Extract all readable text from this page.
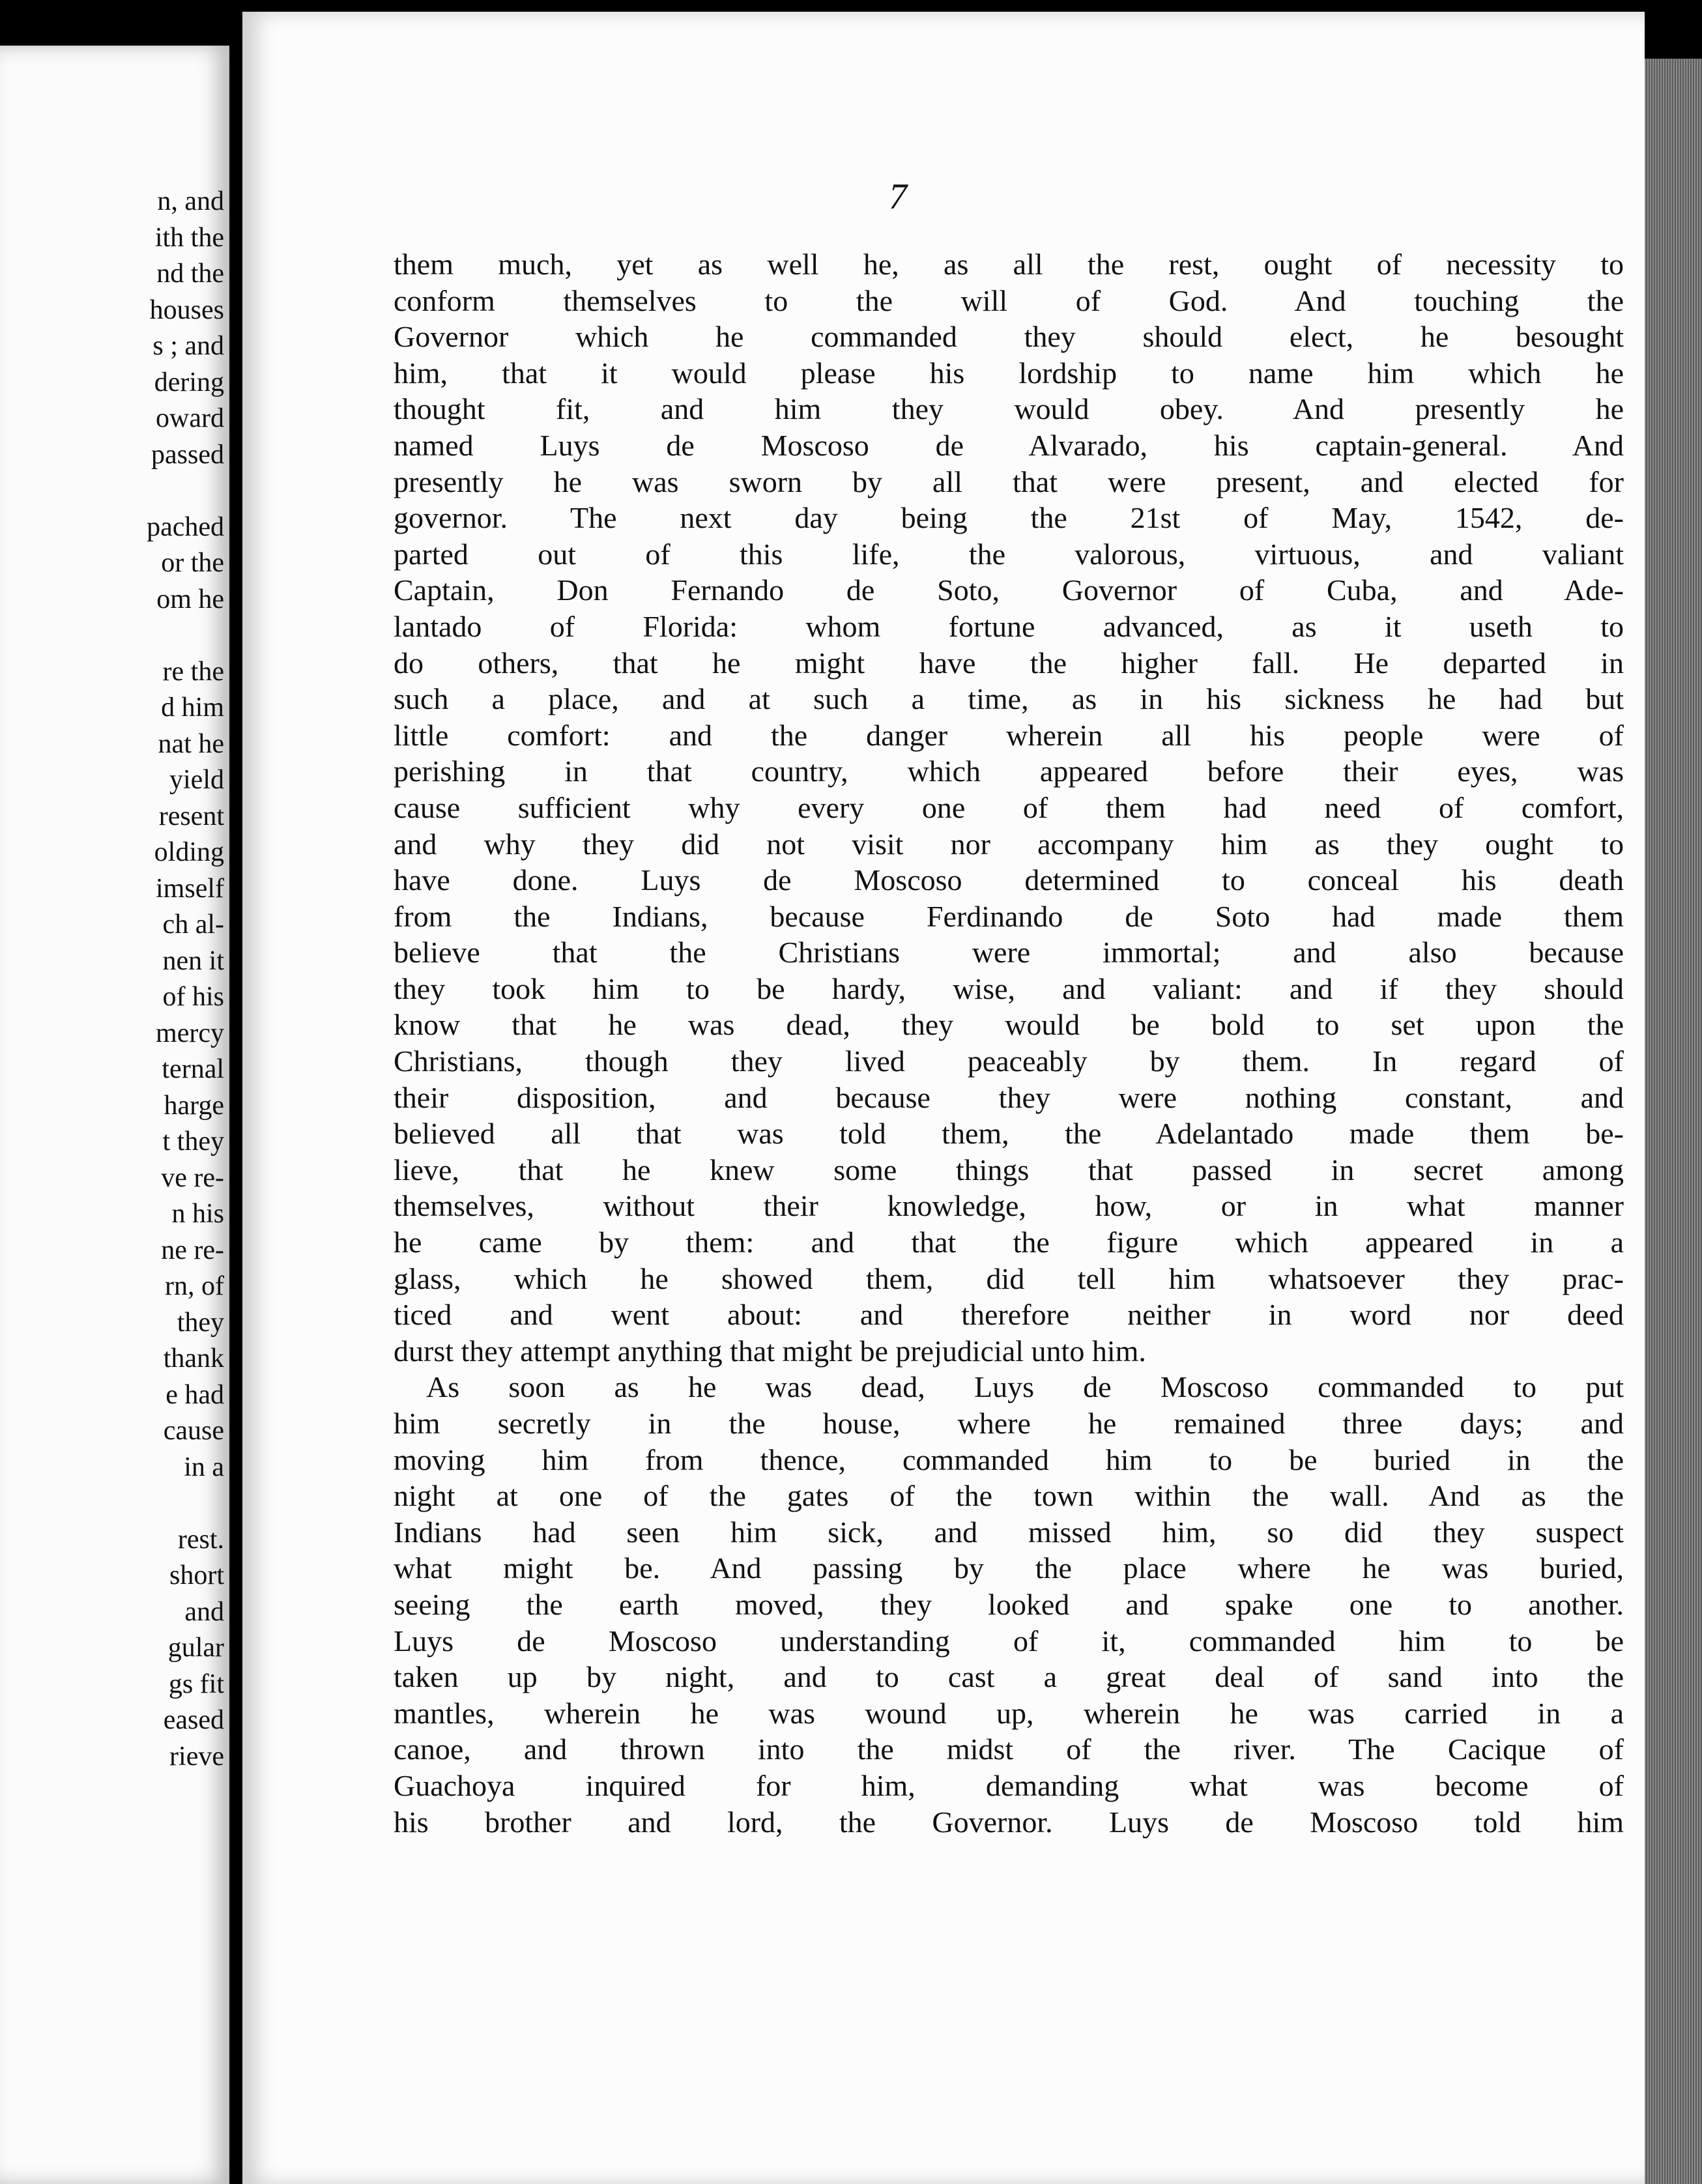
n, and
ith the
nd the
houses
s ; and
dering
oward
passed
pached
or the
om he
re the
d him
nat he
yield
resent
olding
imself
ch al-
nen it
of his
mercy
ternal
harge
t they
ve re-
n his
ne re-
rn, of
they
thank
e had
cause
in a
rest.
short
and
gular
gs fit
eased
rieve
7
them much, yet as well he, as all the rest, ought of necessity to
conform themselves to the will of God. And touching the
Governor which he commanded they should elect, he besought
him, that it would please his lordship to name him which he
thought fit, and him they would obey. And presently he
named Luys de Moscoso de Alvarado, his captain-general. And
presently he was sworn by all that were present, and elected for
governor. The next day being the 21st of May, 1542, de-
parted out of this life, the valorous, virtuous, and valiant
Captain, Don Fernando de Soto, Governor of Cuba, and Ade-
lantado of Florida: whom fortune advanced, as it useth to
do others, that he might have the higher fall. He departed in
such a place, and at such a time, as in his sickness he had but
little comfort: and the danger wherein all his people were of
perishing in that country, which appeared before their eyes, was
cause sufficient why every one of them had need of comfort,
and why they did not visit nor accompany him as they ought to
have done. Luys de Moscoso determined to conceal his death
from the Indians, because Ferdinando de Soto had made them
believe that the Christians were immortal; and also because
they took him to be hardy, wise, and valiant: and if they should
know that he was dead, they would be bold to set upon the
Christians, though they lived peaceably by them. In regard of
their disposition, and because they were nothing constant, and
believed all that was told them, the Adelantado made them be-
lieve, that he knew some things that passed in secret among
themselves, without their knowledge, how, or in what manner
he came by them: and that the figure which appeared in a
glass, which he showed them, did tell him whatsoever they prac-
ticed and went about: and therefore neither in word nor deed
durst they attempt anything that might be prejudicial unto him.
As soon as he was dead, Luys de Moscoso commanded to put
him secretly in the house, where he remained three days; and
moving him from thence, commanded him to be buried in the
night at one of the gates of the town within the wall. And as the
Indians had seen him sick, and missed him, so did they suspect
what might be. And passing by the place where he was buried,
seeing the earth moved, they looked and spake one to another.
Luys de Moscoso understanding of it, commanded him to be
taken up by night, and to cast a great deal of sand into the
mantles, wherein he was wound up, wherein he was carried in a
canoe, and thrown into the midst of the river. The Cacique of
Guachoya inquired for him, demanding what was become of
his brother and lord, the Governor. Luys de Moscoso told him
